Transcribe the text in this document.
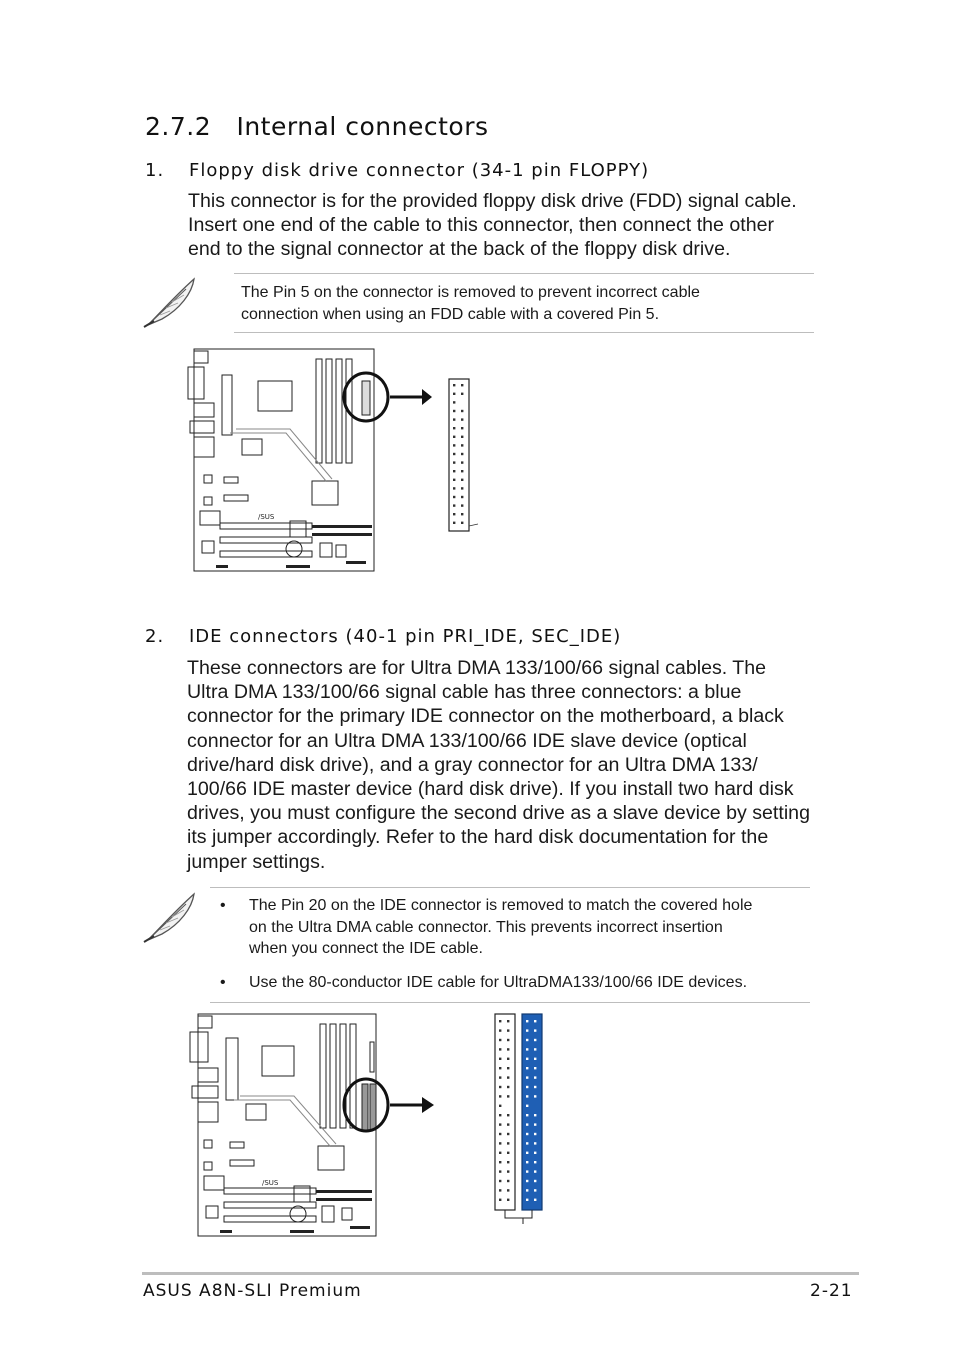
2.7.2 Internal connectors
1. Floppy disk drive connector (34-1 pin FLOPPY)
This connector is for the provided floppy disk drive (FDD) signal cable.
Insert one end of the cable to this connector, then connect the other
end to the signal connector at the back of the floppy disk drive.
The Pin 5 on the connector is removed to prevent incorrect cable
connection when using an FDD cable with a covered Pin 5.
/SUS
2. IDE connectors (40-1 pin PRI_IDE, SEC_IDE)
These connectors are for Ultra DMA 133/100/66 signal cables. The
Ultra DMA 133/100/66 signal cable has three connectors: a blue
connector for the primary IDE connector on the motherboard, a black
connector for an Ultra DMA 133/100/66 IDE slave device (optical
drive/hard disk drive), and a gray connector for an Ultra DMA 133/
100/66 IDE master device (hard disk drive). If you install two hard disk
drives, you must configure the second drive as a slave device by setting
its jumper accordingly. Refer to the hard disk documentation for the
jumper settings.
• The Pin 20 on the IDE connector is removed to match the covered hole
on the Ultra DMA cable connector. This prevents incorrect insertion
when you connect the IDE cable.
• Use the 80-conductor IDE cable for UltraDMA133/100/66 IDE devices.
/SUS
ASUS A8N-SLI Premium	2-21
